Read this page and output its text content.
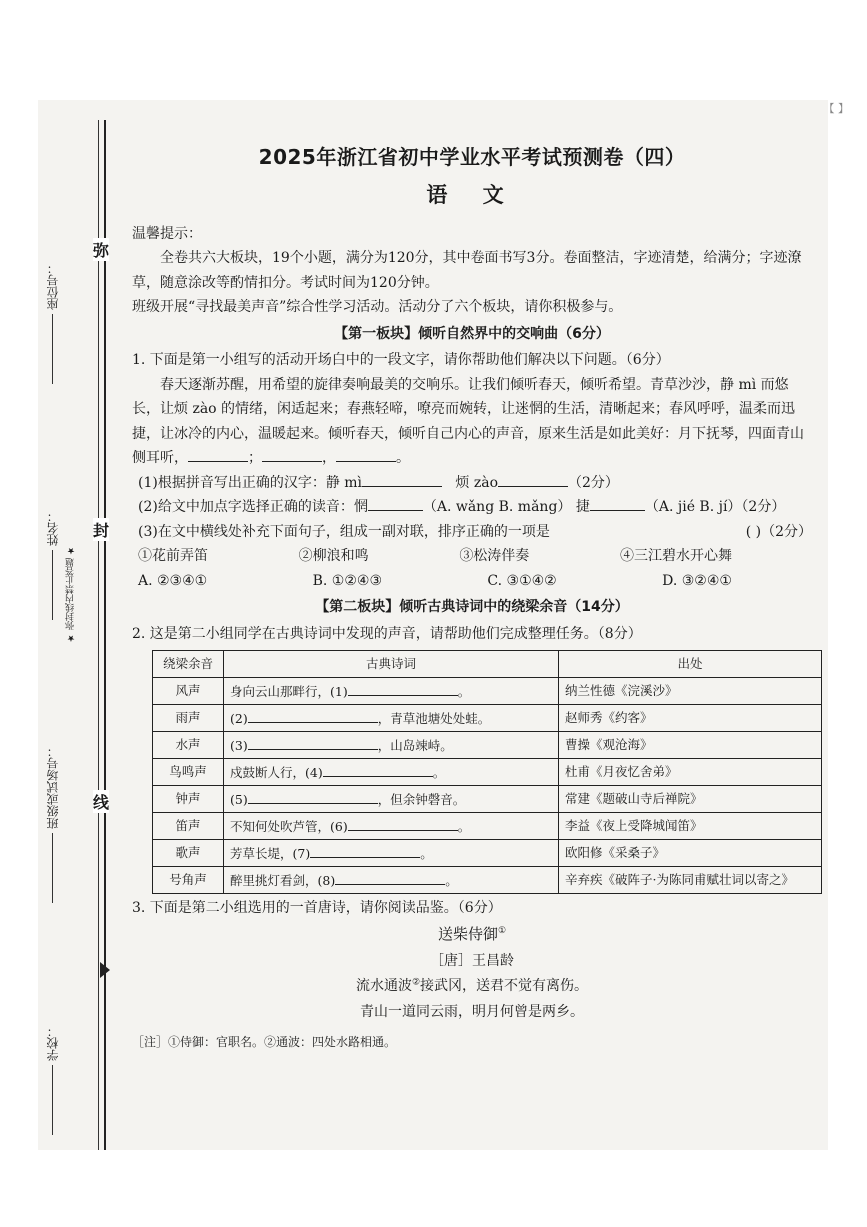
弥
封
线
座位号：
姓名：
班级或试场号：
学校：
★ 弥封线内禁止答题 ★
【 】
2025年浙江省初中学业水平考试预测卷（四）
语 文

温馨提示：

全卷共六大板块，19个小题，满分为120分，其中卷面书写3分。卷面整洁，字迹清楚，给满分；字迹潦草，随意涂改等酌情扣分。考试时间为120分钟。

班级开展“寻找最美声音”综合性学习活动。活动分了六个板块，请你积极参与。

【第一板块】倾听自然界中的交响曲（6分）

1. 下面是第一小组写的活动开场白中的一段文字，请你帮助他们解决以下问题。（6分）

春天逐渐苏醒，用希望的旋律奏响最美的交响乐。让我们倾听春天，倾听希望。青草沙沙，静 mì 而悠长，让烦 zào 的情绪，闲适起来；春燕轻啼，嘹亮而婉转，让迷惘的生活，清晰起来；春风呼呼，温柔而迅捷，让冰冷的内心，温暖起来。倾听春天，倾听自己内心的声音，原来生活是如此美好：月下抚琴，四面青山侧耳听，	；	，	。

(1)根据拼音写出正确的汉字：静 mì	烦 zào	（2分）

(2)给文中加点字选择正确的读音：惘	（A. wǎng B. mǎng） 捷	（A. jié B. jí）（2分）

(3)在文中横线处补充下面句子，组成一副对联，排序正确的一项是	( )（2分）

①花前弄笛	②柳浪和鸣	③松涛伴奏	④三江碧水开心舞
A. ②③④①	B. ①②④③	C. ③①④②	D. ③②④①

【第二板块】倾听古典诗词中的绕梁余音（14分）

2. 这是第二小组同学在古典诗词中发现的声音，请帮助他们完成整理任务。（8分）

绕梁余音	古典诗词	出处
风声	身向云山那畔行，(1) 。	纳兰性德《浣溪沙》
雨声	(2) ，青草池塘处处蛙。	赵师秀《约客》
水声	(3) ，山岛竦峙。	曹操《观沧海》
鸟鸣声	戍鼓断人行，(4) 。	杜甫《月夜忆舍弟》
钟声	(5) ，但余钟磬音。	常建《题破山寺后禅院》
笛声	不知何处吹芦管，(6) 。	李益《夜上受降城闻笛》
歌声	芳草长堤，(7) 。	欧阳修《采桑子》
号角声	醉里挑灯看剑，(8) 。	辛弃疾《破阵子·为陈同甫赋壮词以寄之》

3. 下面是第二小组选用的一首唐诗，请你阅读品鉴。（6分）

送柴侍御①
［唐］王昌龄
流水通波②接武冈，送君不觉有离伤。
青山一道同云雨，明月何曾是两乡。

［注］①侍御：官职名。②通波：四处水路相通。
